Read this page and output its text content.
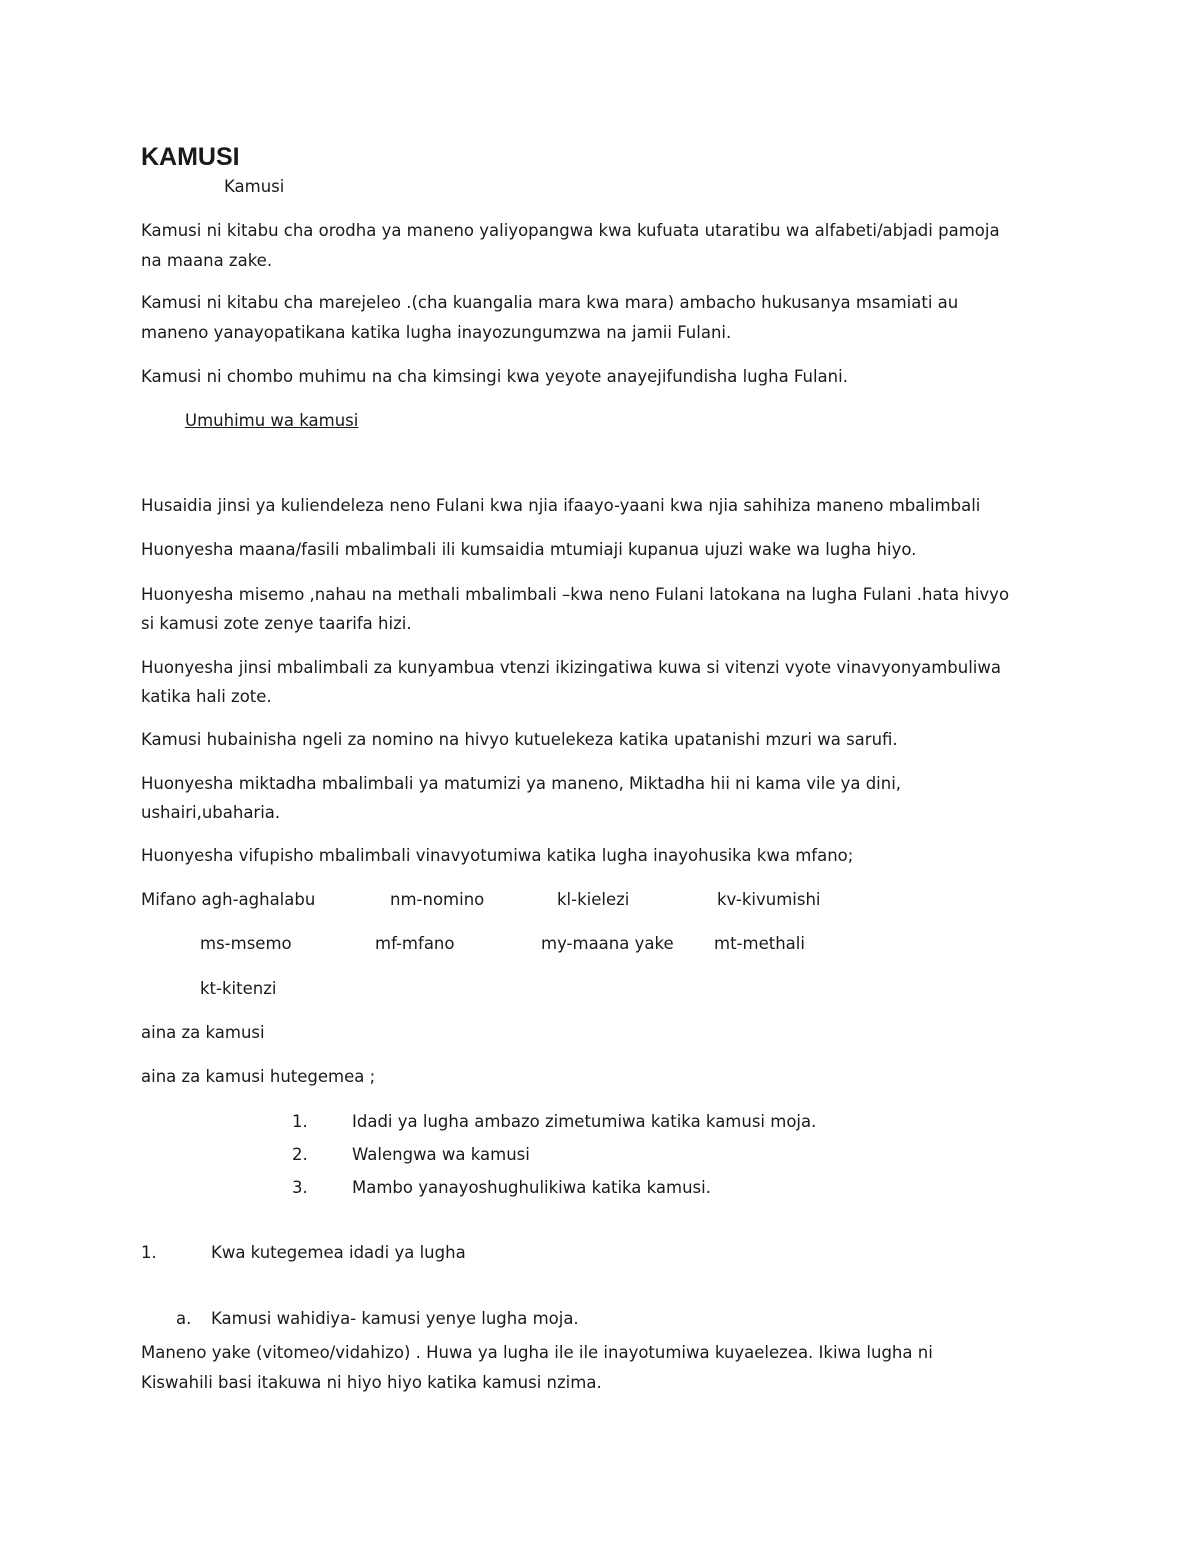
KAMUSI
Kamusi
Kamusi ni kitabu cha orodha ya maneno yaliyopangwa kwa kufuata utaratibu wa alfabeti/abjadi pamoja
na maana zake.
Kamusi ni kitabu cha marejeleo .(cha kuangalia mara kwa mara) ambacho hukusanya msamiati au
maneno yanayopatikana katika lugha inayozungumzwa na jamii Fulani.
Kamusi ni chombo muhimu na cha kimsingi kwa yeyote anayejifundisha lugha Fulani.
Umuhimu wa kamusi
Husaidia jinsi ya kuliendeleza neno Fulani kwa njia ifaayo-yaani kwa njia sahihiza maneno mbalimbali
Huonyesha maana/fasili mbalimbali ili kumsaidia mtumiaji kupanua ujuzi wake wa lugha hiyo.
Huonyesha misemo ,nahau na methali mbalimbali –kwa neno Fulani latokana na lugha Fulani .hata hivyo
si kamusi zote zenye taarifa hizi.
Huonyesha jinsi mbalimbali za kunyambua vtenzi ikizingatiwa kuwa si vitenzi vyote vinavyonyambuliwa
katika hali zote.
Kamusi hubainisha ngeli za nomino na hivyo kutuelekeza katika upatanishi mzuri wa sarufi.
Huonyesha miktadha mbalimbali ya matumizi ya maneno, Miktadha hii ni kama vile ya dini,
ushairi,ubaharia.
Huonyesha vifupisho mbalimbali vinavyotumiwa katika lugha inayohusika kwa mfano;
Mifano agh-aghalabu	nm-nomino	kl-kielezi	kv-kivumishi
ms-msemo	mf-mfano	my-maana yake mt-methali
kt-kitenzi
aina za kamusi
aina za kamusi hutegemea ;
1.	Idadi ya lugha ambazo zimetumiwa katika kamusi moja.
2.	Walengwa wa kamusi
3.	Mambo yanayoshughulikiwa katika kamusi.
1.	Kwa kutegemea idadi ya lugha
a. Kamusi wahidiya- kamusi yenye lugha moja.
Maneno yake (vitomeo/vidahizo) . Huwa ya lugha ile ile inayotumiwa kuyaelezea. Ikiwa lugha ni
Kiswahili basi itakuwa ni hiyo hiyo katika kamusi nzima.
